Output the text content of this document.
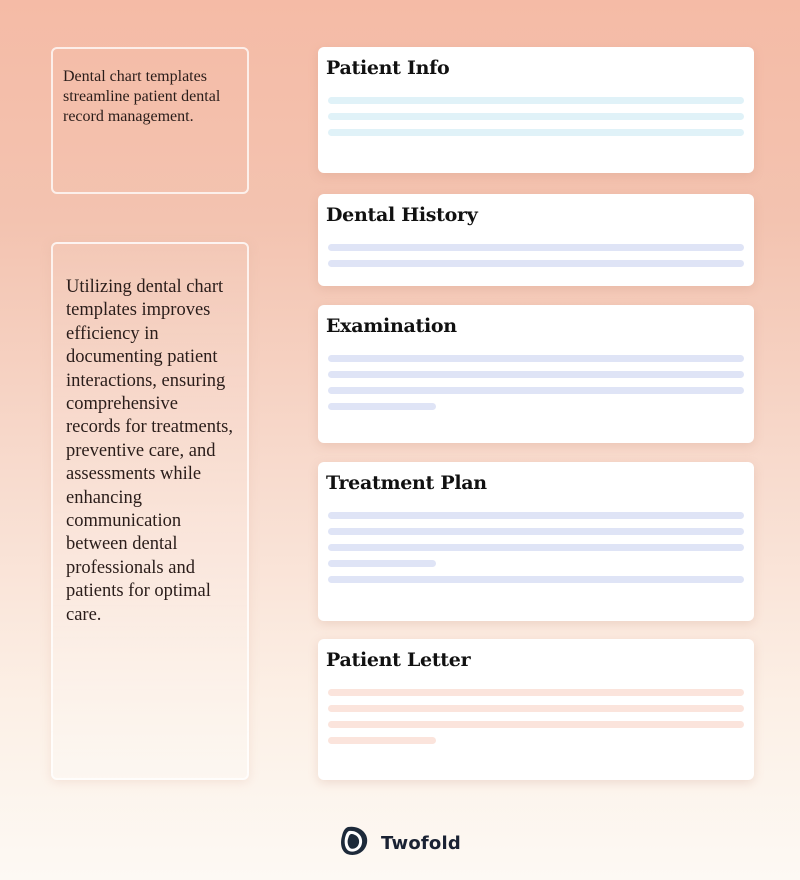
Dental chart templates streamline patient dental record management.
Utilizing dental chart templates improves efficiency in documenting patient interactions, ensuring comprehensive records for treatments, preventive care, and assessments while enhancing communication between dental professionals and patients for optimal care.
Patient Info
Dental History
Examination
Treatment Plan
Patient Letter
Twofold
